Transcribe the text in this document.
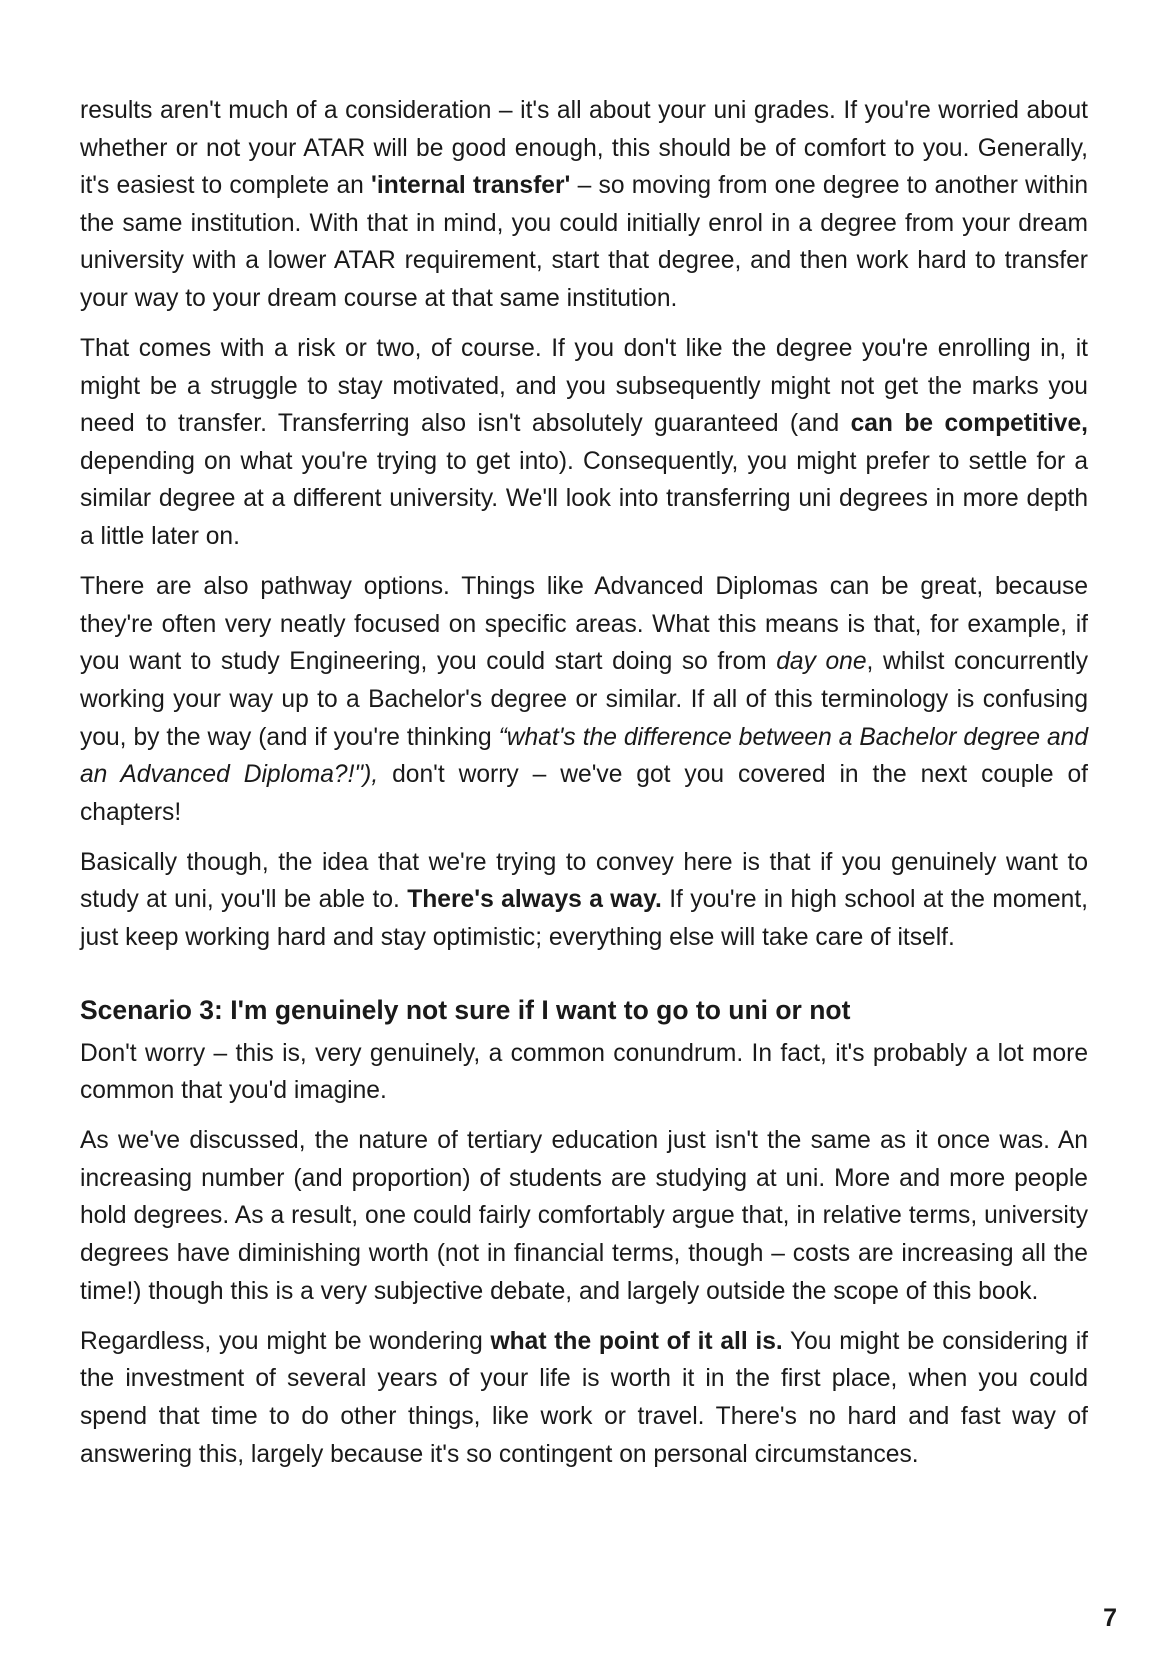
results aren't much of a consideration – it's all about your uni grades. If you're worried about whether or not your ATAR will be good enough, this should be of comfort to you. Generally, it's easiest to complete an 'internal transfer' – so moving from one degree to another within the same institution. With that in mind, you could initially enrol in a degree from your dream university with a lower ATAR requirement, start that degree, and then work hard to transfer your way to your dream course at that same institution.

That comes with a risk or two, of course. If you don't like the degree you're enrolling in, it might be a struggle to stay motivated, and you subsequently might not get the marks you need to transfer. Transferring also isn't absolutely guaranteed (and can be competitive, depending on what you're trying to get into). Consequently, you might prefer to settle for a similar degree at a different university. We'll look into transferring uni degrees in more depth a little later on.

There are also pathway options. Things like Advanced Diplomas can be great, because they're often very neatly focused on specific areas. What this means is that, for example, if you want to study Engineering, you could start doing so from day one, whilst concurrently working your way up to a Bachelor's degree or similar. If all of this terminology is confusing you, by the way (and if you're thinking “what's the difference between a Bachelor degree and an Advanced Diploma?!"), don't worry – we've got you covered in the next couple of chapters!

Basically though, the idea that we're trying to convey here is that if you genuinely want to study at uni, you'll be able to. There's always a way. If you're in high school at the moment, just keep working hard and stay optimistic; everything else will take care of itself.

Scenario 3: I'm genuinely not sure if I want to go to uni or not

Don't worry – this is, very genuinely, a common conundrum. In fact, it's probably a lot more common that you'd imagine.

As we've discussed, the nature of tertiary education just isn't the same as it once was. An increasing number (and proportion) of students are studying at uni. More and more people hold degrees. As a result, one could fairly comfortably argue that, in relative terms, university degrees have diminishing worth (not in financial terms, though – costs are increasing all the time!) though this is a very subjective debate, and largely outside the scope of this book.

Regardless, you might be wondering what the point of it all is. You might be considering if the investment of several years of your life is worth it in the first place, when you could spend that time to do other things, like work or travel. There's no hard and fast way of answering this, largely because it's so contingent on personal circumstances.

7
